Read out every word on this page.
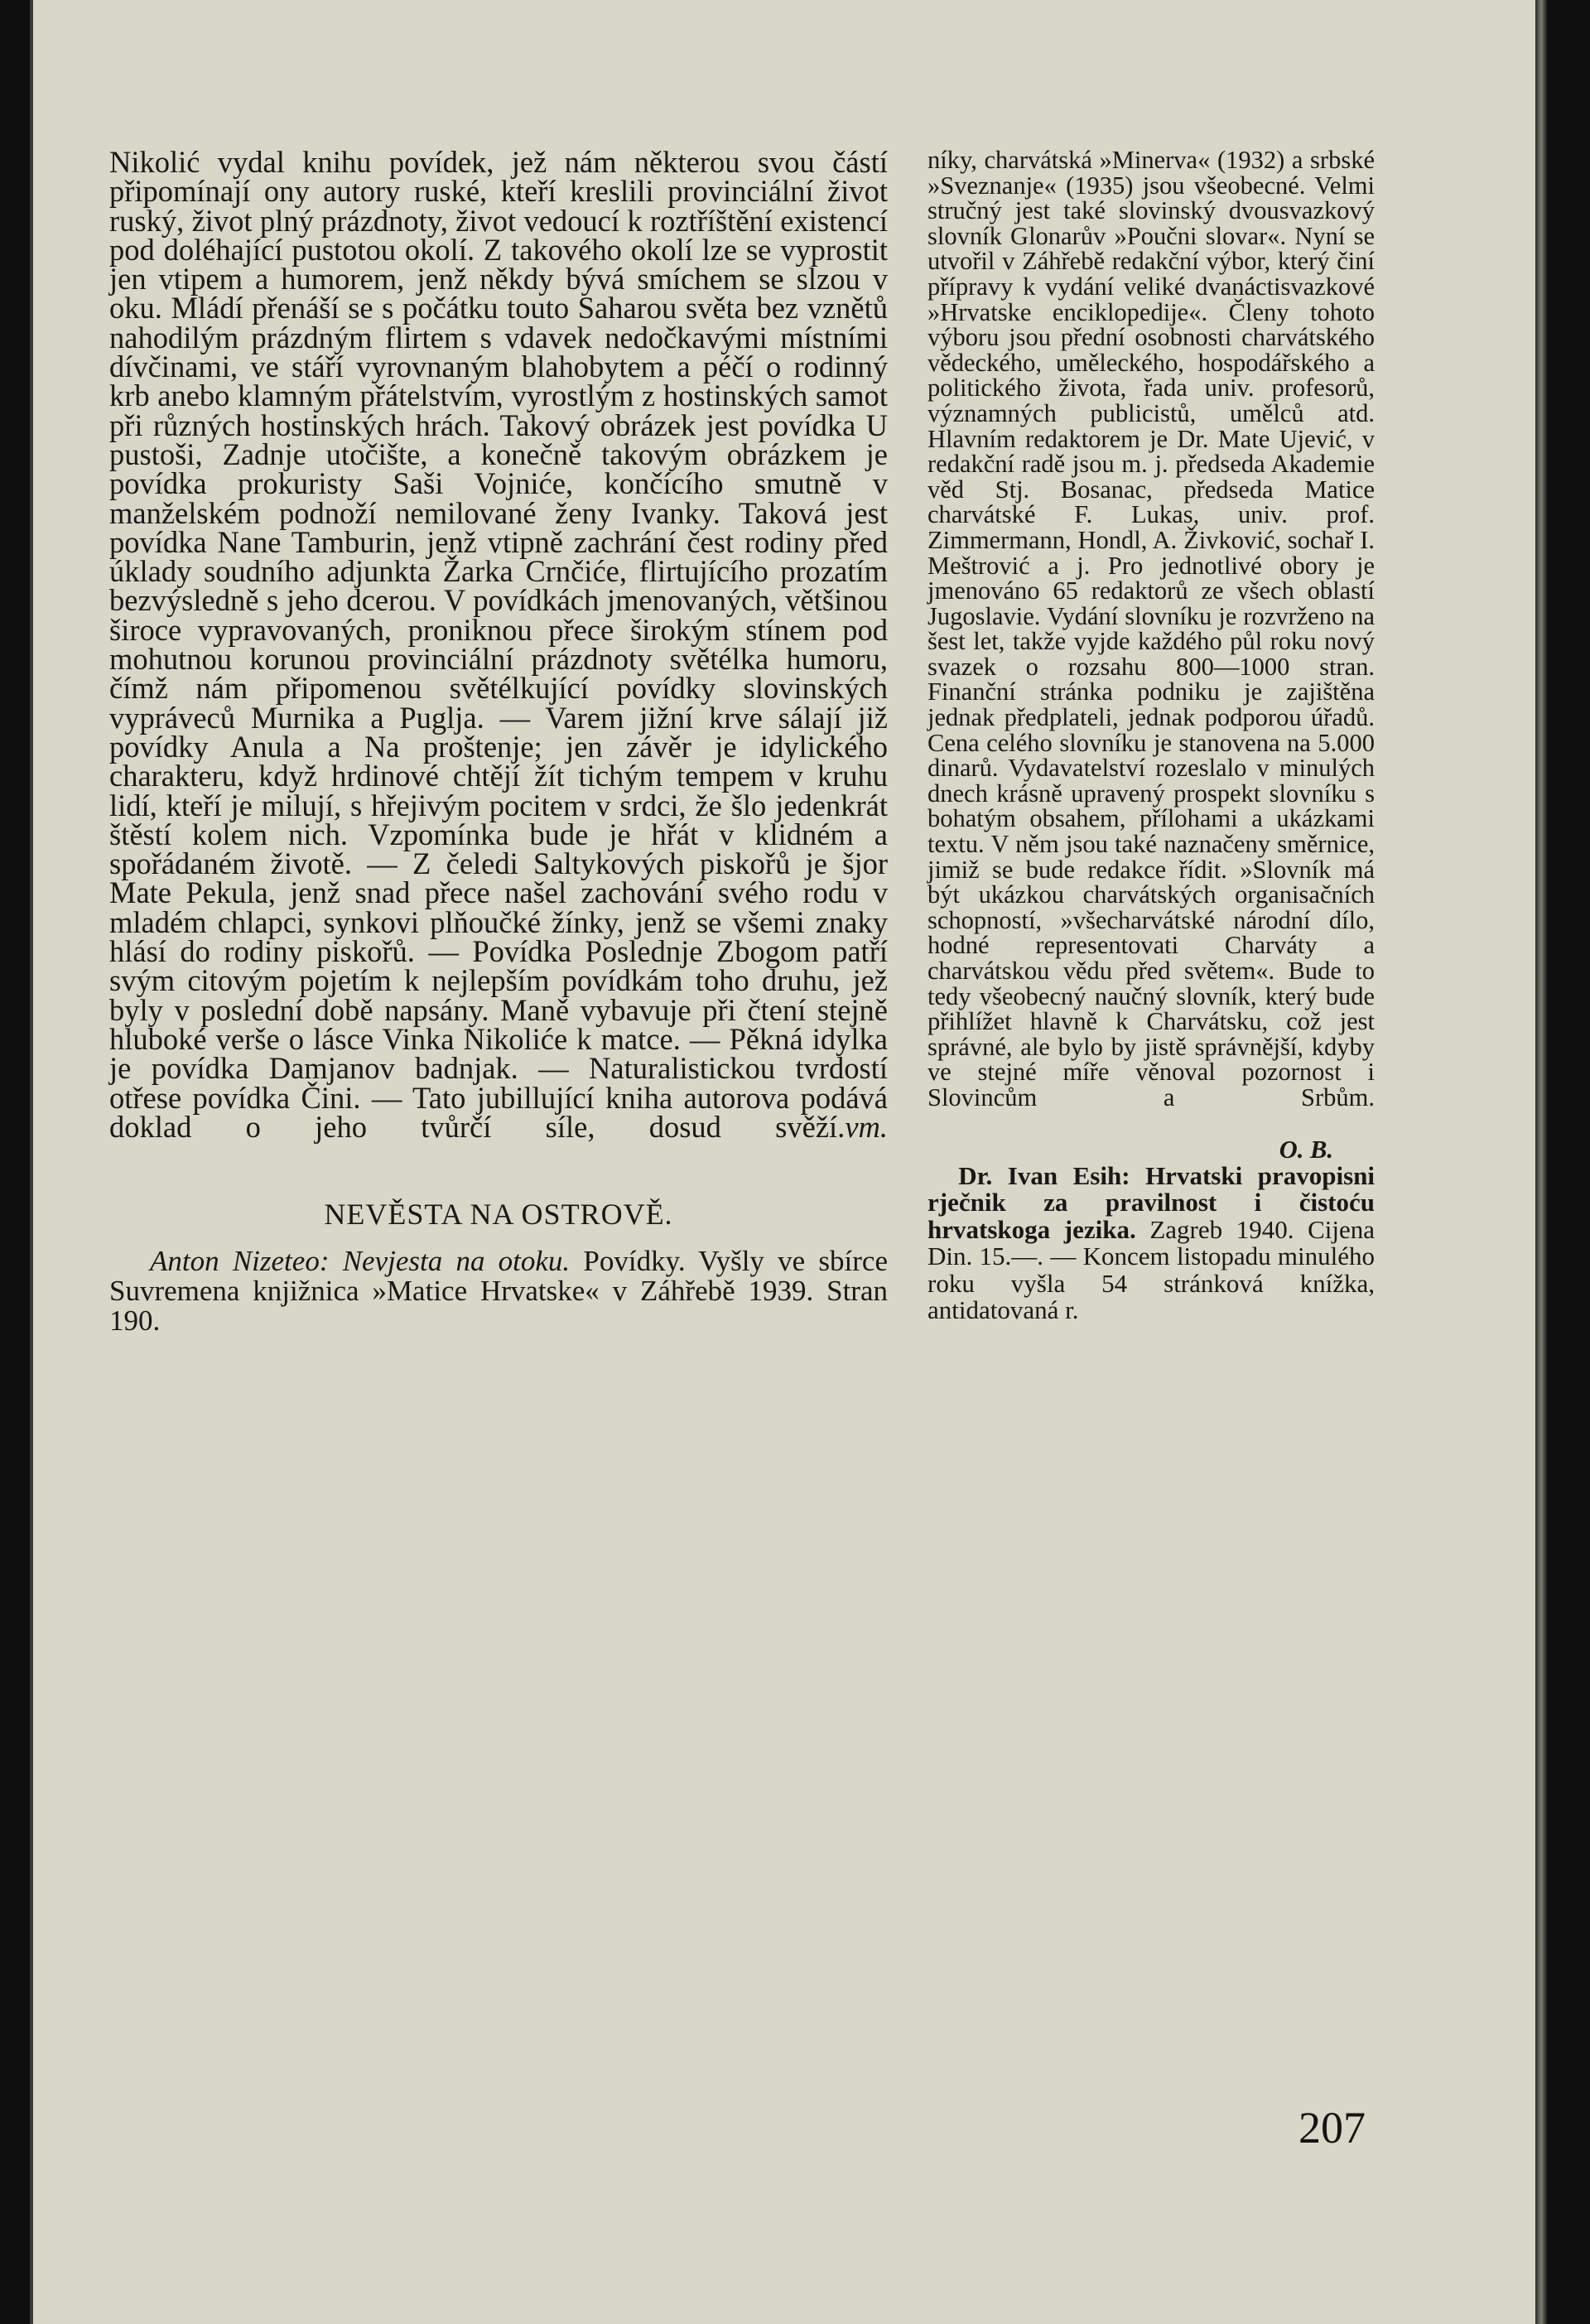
Nikolić vydal knihu povídek, jež nám některou svou částí připomínají ony autory ruské, kteří kreslili provinciální život ruský, život plný prázdnoty, život vedoucí k roztříštění existencí pod doléhající pustotou okolí. Z takového okolí lze se vyprostit jen vtipem a humorem, jenž někdy bývá smíchem se slzou v oku. Mládí přenáší se s počátku touto Saharou světa bez vznětů nahodilým prázdným flirtem s vdavek nedočkavými místními dívčinami, ve stáří vyrovnaným blahobytem a péčí o rodinný krb anebo klamným přátelstvím, vyrostlým z hostinských samot při různých hostinských hrách. Takový obrázek jest povídka U pustoši, Zadnje utočište, a konečně takovým obrázkem je povídka prokuristy Saši Vojniće, končícího smutně v manželském podnoží nemilované ženy Ivanky. Taková jest povídka Nane Tamburin, jenž vtipně zachrání čest rodiny před úklady soudního adjunkta Žarka Crnčiće, flirtujícího prozatím bezvýsledně s jeho dcerou. V povídkách jmenovaných, většinou široce vypravovaných, proniknou přece širokým stínem pod mohutnou korunou provinciální prázdnoty světélka humoru, čímž nám připomenou světélkující povídky slovinských vypráveců Murnika a Puglja. — Varem jižní krve sálají již povídky Anula a Na proštenje; jen závěr je idylického charakteru, když hrdinové chtějí žít tichým tempem v kruhu lidí, kteří je milují, s hřejivým pocitem v srdci, že šlo jedenkrát štěstí kolem nich. Vzpomínka bude je hřát v klidném a spořádaném životě. — Z čeledi Saltykových piskořů je šjor Mate Pekula, jenž snad přece našel zachování svého rodu v mladém chlapci, synkovi plňoučké žínky, jenž se všemi znaky hlásí do rodiny piskořů. — Povídka Poslednje Zbogom patří svým citovým pojetím k nejlepším povídkám toho druhu, jež byly v poslední době napsány. Maně vybavuje při čtení stejně hluboké verše o lásce Vinka Nikoliće k matce. — Pěkná idylka je povídka Damjanov badnjak. — Naturalistickou tvrdostí otřese povídka Čini. — Tato jubillující kniha autorova podává doklad o jeho tvůrčí síle, dosud svěží. vm.

NEVĚSTA NA OSTROVĚ.

Anton Nizeteo: Nevjesta na otoku. Povídky. Vyšly ve sbírce Suvremena knjižnica »Matice Hrvatske« v Záhřebě 1939. Stran 190.

níky, charvátská »Minerva« (1932) a srbské »Sveznanje« (1935) jsou všeobecné. Velmi stručný jest také slovinský dvousvazkový slovník Glonarův »Poučni slovar«. Nyní se utvořil v Záhřebě redakční výbor, který činí přípravy k vydání veliké dvanáctisvazkové »Hrvatske enciklopedije«. Členy tohoto výboru jsou přední osobnosti charvátského vědeckého, uměleckého, hospodářského a politického života, řada univ. profesorů, významných publicistů, umělců atd. Hlavním redaktorem je Dr. Mate Ujević, v redakční radě jsou m. j. předseda Akademie věd Stj. Bosanac, předseda Matice charvátské F. Lukas, univ. prof. Zimmermann, Hondl, A. Živković, sochař I. Meštrović a j. Pro jednotlivé obory je jmenováno 65 redaktorů ze všech oblastí Jugoslavie. Vydání slovníku je rozvrženo na šest let, takže vyjde každého půl roku nový svazek o rozsahu 800—1000 stran. Finanční stránka podniku je zajištěna jednak předplateli, jednak podporou úřadů. Cena celého slovníku je stanovena na 5.000 dinarů. Vydavatelství rozeslalo v minulých dnech krásně upravený prospekt slovníku s bohatým obsahem, přílohami a ukázkami textu. V něm jsou také naznačeny směrnice, jimiž se bude redakce řídit. »Slovník má být ukázkou charvátských organisačních schopností, »všecharvátské národní dílo, hodné representovati Charváty a charvátskou vědu před světem«. Bude to tedy všeobecný naučný slovník, který bude přihlížet hlavně k Charvátsku, což jest správné, ale bylo by jistě správnější, kdyby ve stejné míře věnoval pozornost i Slovincům a Srbům.

O. B.

Dr. Ivan Esih: Hrvatski pravopisni rječnik za pravilnost i čistoću hrvatskoga jezika. Zagreb 1940. Cijena Din. 15.—. — Koncem listopadu minulého roku vyšla 54 stránková knížka, antidatovaná r.

207
